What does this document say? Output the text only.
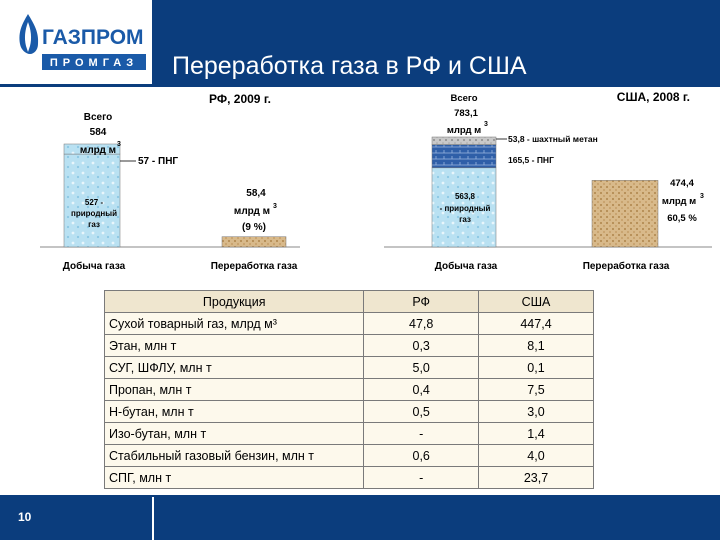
ГАЗПРОМ
ПРОМГАЗ Переработка газа в РФ и США
РФ, 2009 г.
Всего
584
млрд м
3
57 - ПНГ
527 -
природный
газ
58,4
млрд м 3
(9 %)
Добыча газа	Переработка газа
США, 2008 г.
Всего
783,1
млрд м
3
53,8 - шахтный метан
165,5 - ПНГ
563,8
- природный
газ
474,4
млрд м 3
60,5 %
Добыча газа	Переработка газа
Продукция	РФ	США
Сухой товарный газ, млрд м³	47,8	447,4
Этан, млн т	0,3	8,1
СУГ, ШФЛУ, млн т	5,0	0,1
Пропан, млн т	0,4	7,5
Н-бутан, млн т	0,5	3,0
Изо-бутан, млн т	-	1,4
Стабильный газовый бензин, млн т	0,6	4,0
СПГ, млн т	-	23,7
10
